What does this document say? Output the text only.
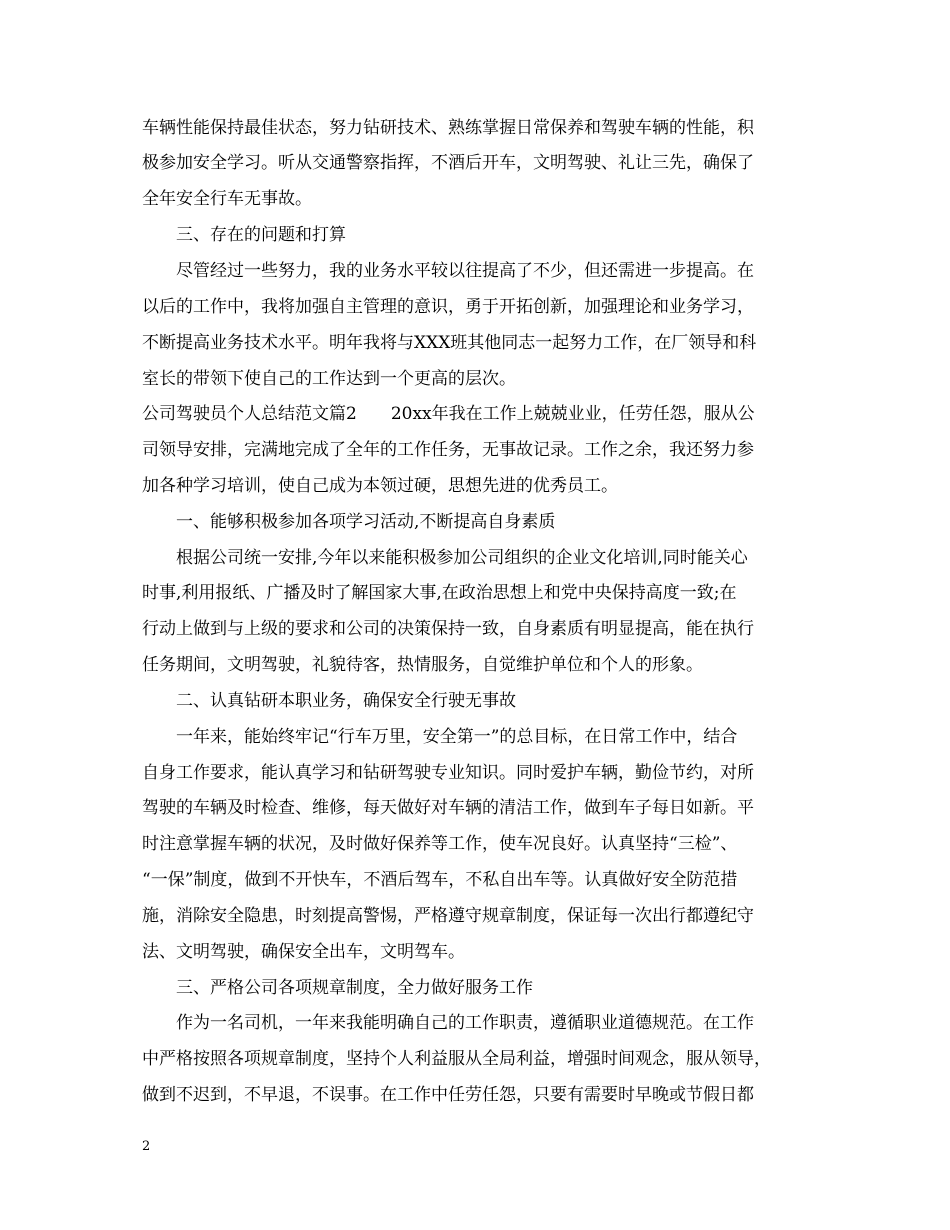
车辆性能保持最佳状态，努力钻研技术、熟练掌握日常保养和驾驶车辆的性能，积
极参加安全学习。听从交通警察指挥，不酒后开车，文明驾驶、礼让三先，确保了
全年安全行车无事故。
三、存在的问题和打算
尽管经过一些努力，我的业务水平较以往提高了不少，但还需进一步提高。在
以后的工作中，我将加强自主管理的意识，勇于开拓创新，加强理论和业务学习，
不断提高业务技术水平。明年我将与XXX班其他同志一起努力工作，在厂领导和科
室长的带领下使自己的工作达到一个更高的层次。
公司驾驶员个人总结范文篇2　　20xx年我在工作上兢兢业业，任劳任怨，服从公
司领导安排，完满地完成了全年的工作任务，无事故记录。工作之余，我还努力参
加各种学习培训，使自己成为本领过硬，思想先进的优秀员工。
一、能够积极参加各项学习活动,不断提高自身素质
根据公司统一安排,今年以来能积极参加公司组织的企业文化培训,同时能关心
时事,利用报纸、广播及时了解国家大事,在政治思想上和党中央保持高度一致;在
行动上做到与上级的要求和公司的决策保持一致，自身素质有明显提高，能在执行
任务期间，文明驾驶，礼貌待客，热情服务，自觉维护单位和个人的形象。
二、认真钻研本职业务，确保安全行驶无事故
一年来，能始终牢记“行车万里，安全第一”的总目标，在日常工作中，结合
自身工作要求，能认真学习和钻研驾驶专业知识。同时爱护车辆，勤俭节约，对所
驾驶的车辆及时检查、维修，每天做好对车辆的清洁工作，做到车子每日如新。平
时注意掌握车辆的状况，及时做好保养等工作，使车况良好。认真坚持“三检”、
“一保”制度，做到不开快车，不酒后驾车，不私自出车等。认真做好安全防范措
施，消除安全隐患，时刻提高警惕，严格遵守规章制度，保证每一次出行都遵纪守
法、文明驾驶，确保安全出车，文明驾车。
三、严格公司各项规章制度，全力做好服务工作
作为一名司机，一年来我能明确自己的工作职责，遵循职业道德规范。在工作
中严格按照各项规章制度，坚持个人利益服从全局利益，增强时间观念，服从领导，
做到不迟到，不早退，不误事。在工作中任劳任怨，只要有需要时早晚或节假日都
2
